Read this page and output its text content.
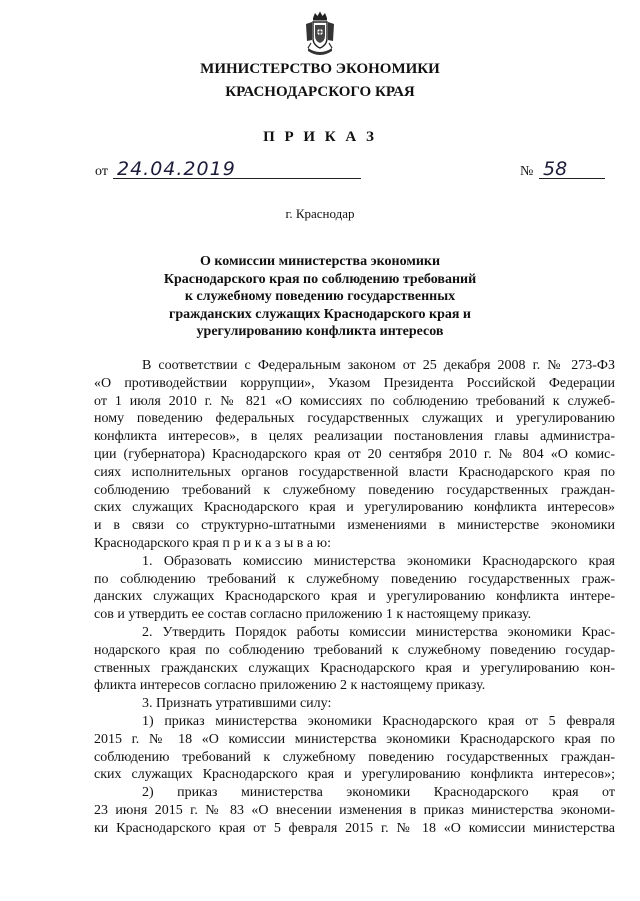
МИНИСТЕРСТВО ЭКОНОМИКИ
КРАСНОДАРСКОГО КРАЯ
П Р И К А З
от 24.04.2019	№ 58
г. Краснодар
О комиссии министерства экономики
Краснодарского края по соблюдению требований
к служебному поведению государственных
гражданских служащих Краснодарского края и
урегулированию конфликта интересов
В соответствии с Федеральным законом от 25 декабря 2008 г. № 273-ФЗ
«О противодействии коррупции», Указом Президента Российской Федерации
от 1 июля 2010 г. № 821 «О комиссиях по соблюдению требований к служеб-
ному поведению федеральных государственных служащих и урегулированию
конфликта интересов», в целях реализации постановления главы администра-
ции (губернатора) Краснодарского края от 20 сентября 2010 г. № 804 «О комис-
сиях исполнительных органов государственной власти Краснодарского края по
соблюдению требований к служебному поведению государственных граждан-
ских служащих Краснодарского края и урегулированию конфликта интересов»
и в связи со структурно-штатными изменениями в министерстве экономики
Краснодарского края п р и к а з ы в а ю:
1. Образовать комиссию министерства экономики Краснодарского края
по соблюдению требований к служебному поведению государственных граж-
данских служащих Краснодарского края и урегулированию конфликта интере-
сов и утвердить ее состав согласно приложению 1 к настоящему приказу.
2. Утвердить Порядок работы комиссии министерства экономики Крас-
нодарского края по соблюдению требований к служебному поведению государ-
ственных гражданских служащих Краснодарского края и урегулированию кон-
фликта интересов согласно приложению 2 к настоящему приказу.
3. Признать утратившими силу:
1) приказ министерства экономики Краснодарского края от 5 февраля
2015 г. № 18 «О комиссии министерства экономики Краснодарского края по
соблюдению требований к служебному поведению государственных граждан-
ских служащих Краснодарского края и урегулированию конфликта интересов»;
2) приказ министерства экономики Краснодарского края от
23 июня 2015 г. № 83 «О внесении изменения в приказ министерства экономи-
ки Краснодарского края от 5 февраля 2015 г. № 18 «О комиссии министерства
